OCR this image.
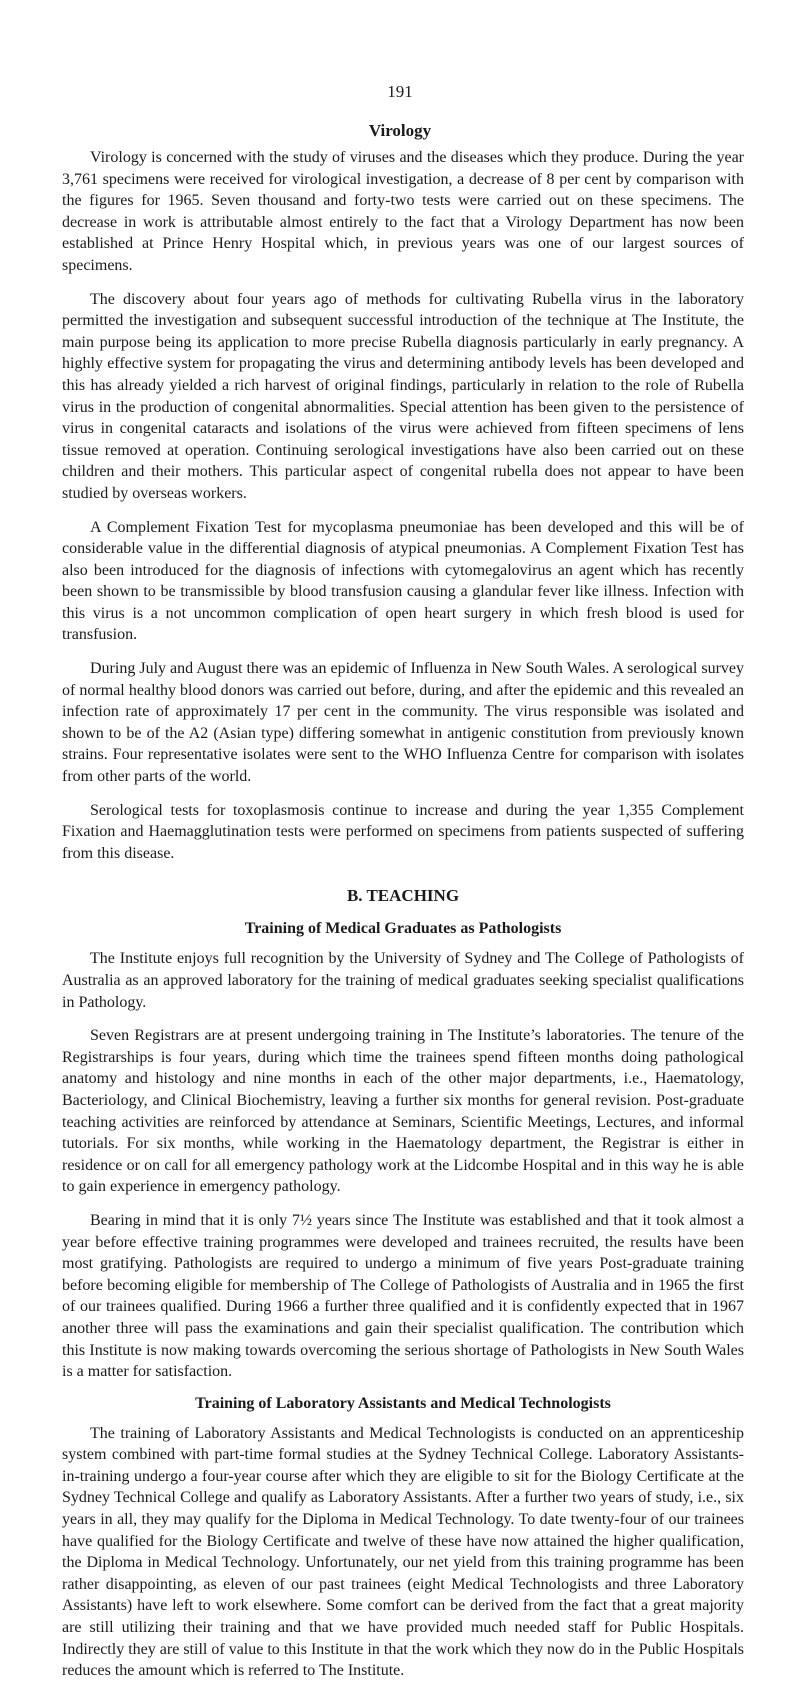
191
Virology

Virology is concerned with the study of viruses and the diseases which they produce. During the year 3,761 specimens were received for virological investigation, a decrease of 8 per cent by comparison with the figures for 1965. Seven thousand and forty-two tests were carried out on these specimens. The decrease in work is attributable almost entirely to the fact that a Virology Department has now been established at Prince Henry Hospital which, in previous years was one of our largest sources of specimens.

The discovery about four years ago of methods for cultivating Rubella virus in the laboratory permitted the investigation and subsequent successful introduction of the technique at The Institute, the main purpose being its application to more precise Rubella diagnosis particularly in early pregnancy. A highly effective system for propagating the virus and determining antibody levels has been developed and this has already yielded a rich harvest of original findings, particularly in relation to the role of Rubella virus in the production of congenital abnormalities. Special attention has been given to the persistence of virus in congenital cataracts and isolations of the virus were achieved from fifteen specimens of lens tissue removed at operation. Continuing serological investigations have also been carried out on these children and their mothers. This particular aspect of congenital rubella does not appear to have been studied by overseas workers.

A Complement Fixation Test for mycoplasma pneumoniae has been developed and this will be of considerable value in the differential diagnosis of atypical pneumonias. A Complement Fixation Test has also been introduced for the diagnosis of infections with cytomegalovirus an agent which has recently been shown to be transmissible by blood transfusion causing a glandular fever like illness. Infection with this virus is a not uncommon complication of open heart surgery in which fresh blood is used for transfusion.

During July and August there was an epidemic of Influenza in New South Wales. A serological survey of normal healthy blood donors was carried out before, during, and after the epidemic and this revealed an infection rate of approximately 17 per cent in the community. The virus responsible was isolated and shown to be of the A2 (Asian type) differing somewhat in antigenic constitution from previously known strains. Four representative isolates were sent to the WHO Influenza Centre for comparison with isolates from other parts of the world.

Serological tests for toxoplasmosis continue to increase and during the year 1,355 Complement Fixation and Haemagglutination tests were performed on specimens from patients suspected of suffering from this disease.

B. TEACHING
Training of Medical Graduates as Pathologists

The Institute enjoys full recognition by the University of Sydney and The College of Pathologists of Australia as an approved laboratory for the training of medical graduates seeking specialist qualifications in Pathology.

Seven Registrars are at present undergoing training in The Institute’s laboratories. The tenure of the Registrarships is four years, during which time the trainees spend fifteen months doing pathological anatomy and histology and nine months in each of the other major departments, i.e., Haematology, Bacteriology, and Clinical Biochemistry, leaving a further six months for general revision. Post-graduate teaching activities are reinforced by attendance at Seminars, Scientific Meetings, Lectures, and informal tutorials. For six months, while working in the Haematology department, the Registrar is either in residence or on call for all emergency pathology work at the Lidcombe Hospital and in this way he is able to gain experience in emergency pathology.

Bearing in mind that it is only 7½ years since The Institute was established and that it took almost a year before effective training programmes were developed and trainees recruited, the results have been most gratifying. Pathologists are required to undergo a minimum of five years Post-graduate training before becoming eligible for membership of The College of Pathologists of Australia and in 1965 the first of our trainees qualified. During 1966 a further three qualified and it is confidently expected that in 1967 another three will pass the examinations and gain their specialist qualification. The contribution which this Institute is now making towards overcoming the serious shortage of Pathologists in New South Wales is a matter for satisfaction.

Training of Laboratory Assistants and Medical Technologists

The training of Laboratory Assistants and Medical Technologists is conducted on an apprenticeship system combined with part-time formal studies at the Sydney Technical College. Laboratory Assistants-in-training undergo a four-year course after which they are eligible to sit for the Biology Certificate at the Sydney Technical College and qualify as Laboratory Assistants. After a further two years of study, i.e., six years in all, they may qualify for the Diploma in Medical Technology. To date twenty-four of our trainees have qualified for the Biology Certificate and twelve of these have now attained the higher qualification, the Diploma in Medical Technology. Unfortunately, our net yield from this training programme has been rather disappointing, as eleven of our past trainees (eight Medical Technologists and three Laboratory Assistants) have left to work elsewhere. Some comfort can be derived from the fact that a great majority are still utilizing their training and that we have provided much needed staff for Public Hospitals. Indirectly they are still of value to this Institute in that the work which they now do in the Public Hospitals reduces the amount which is referred to The Institute.
